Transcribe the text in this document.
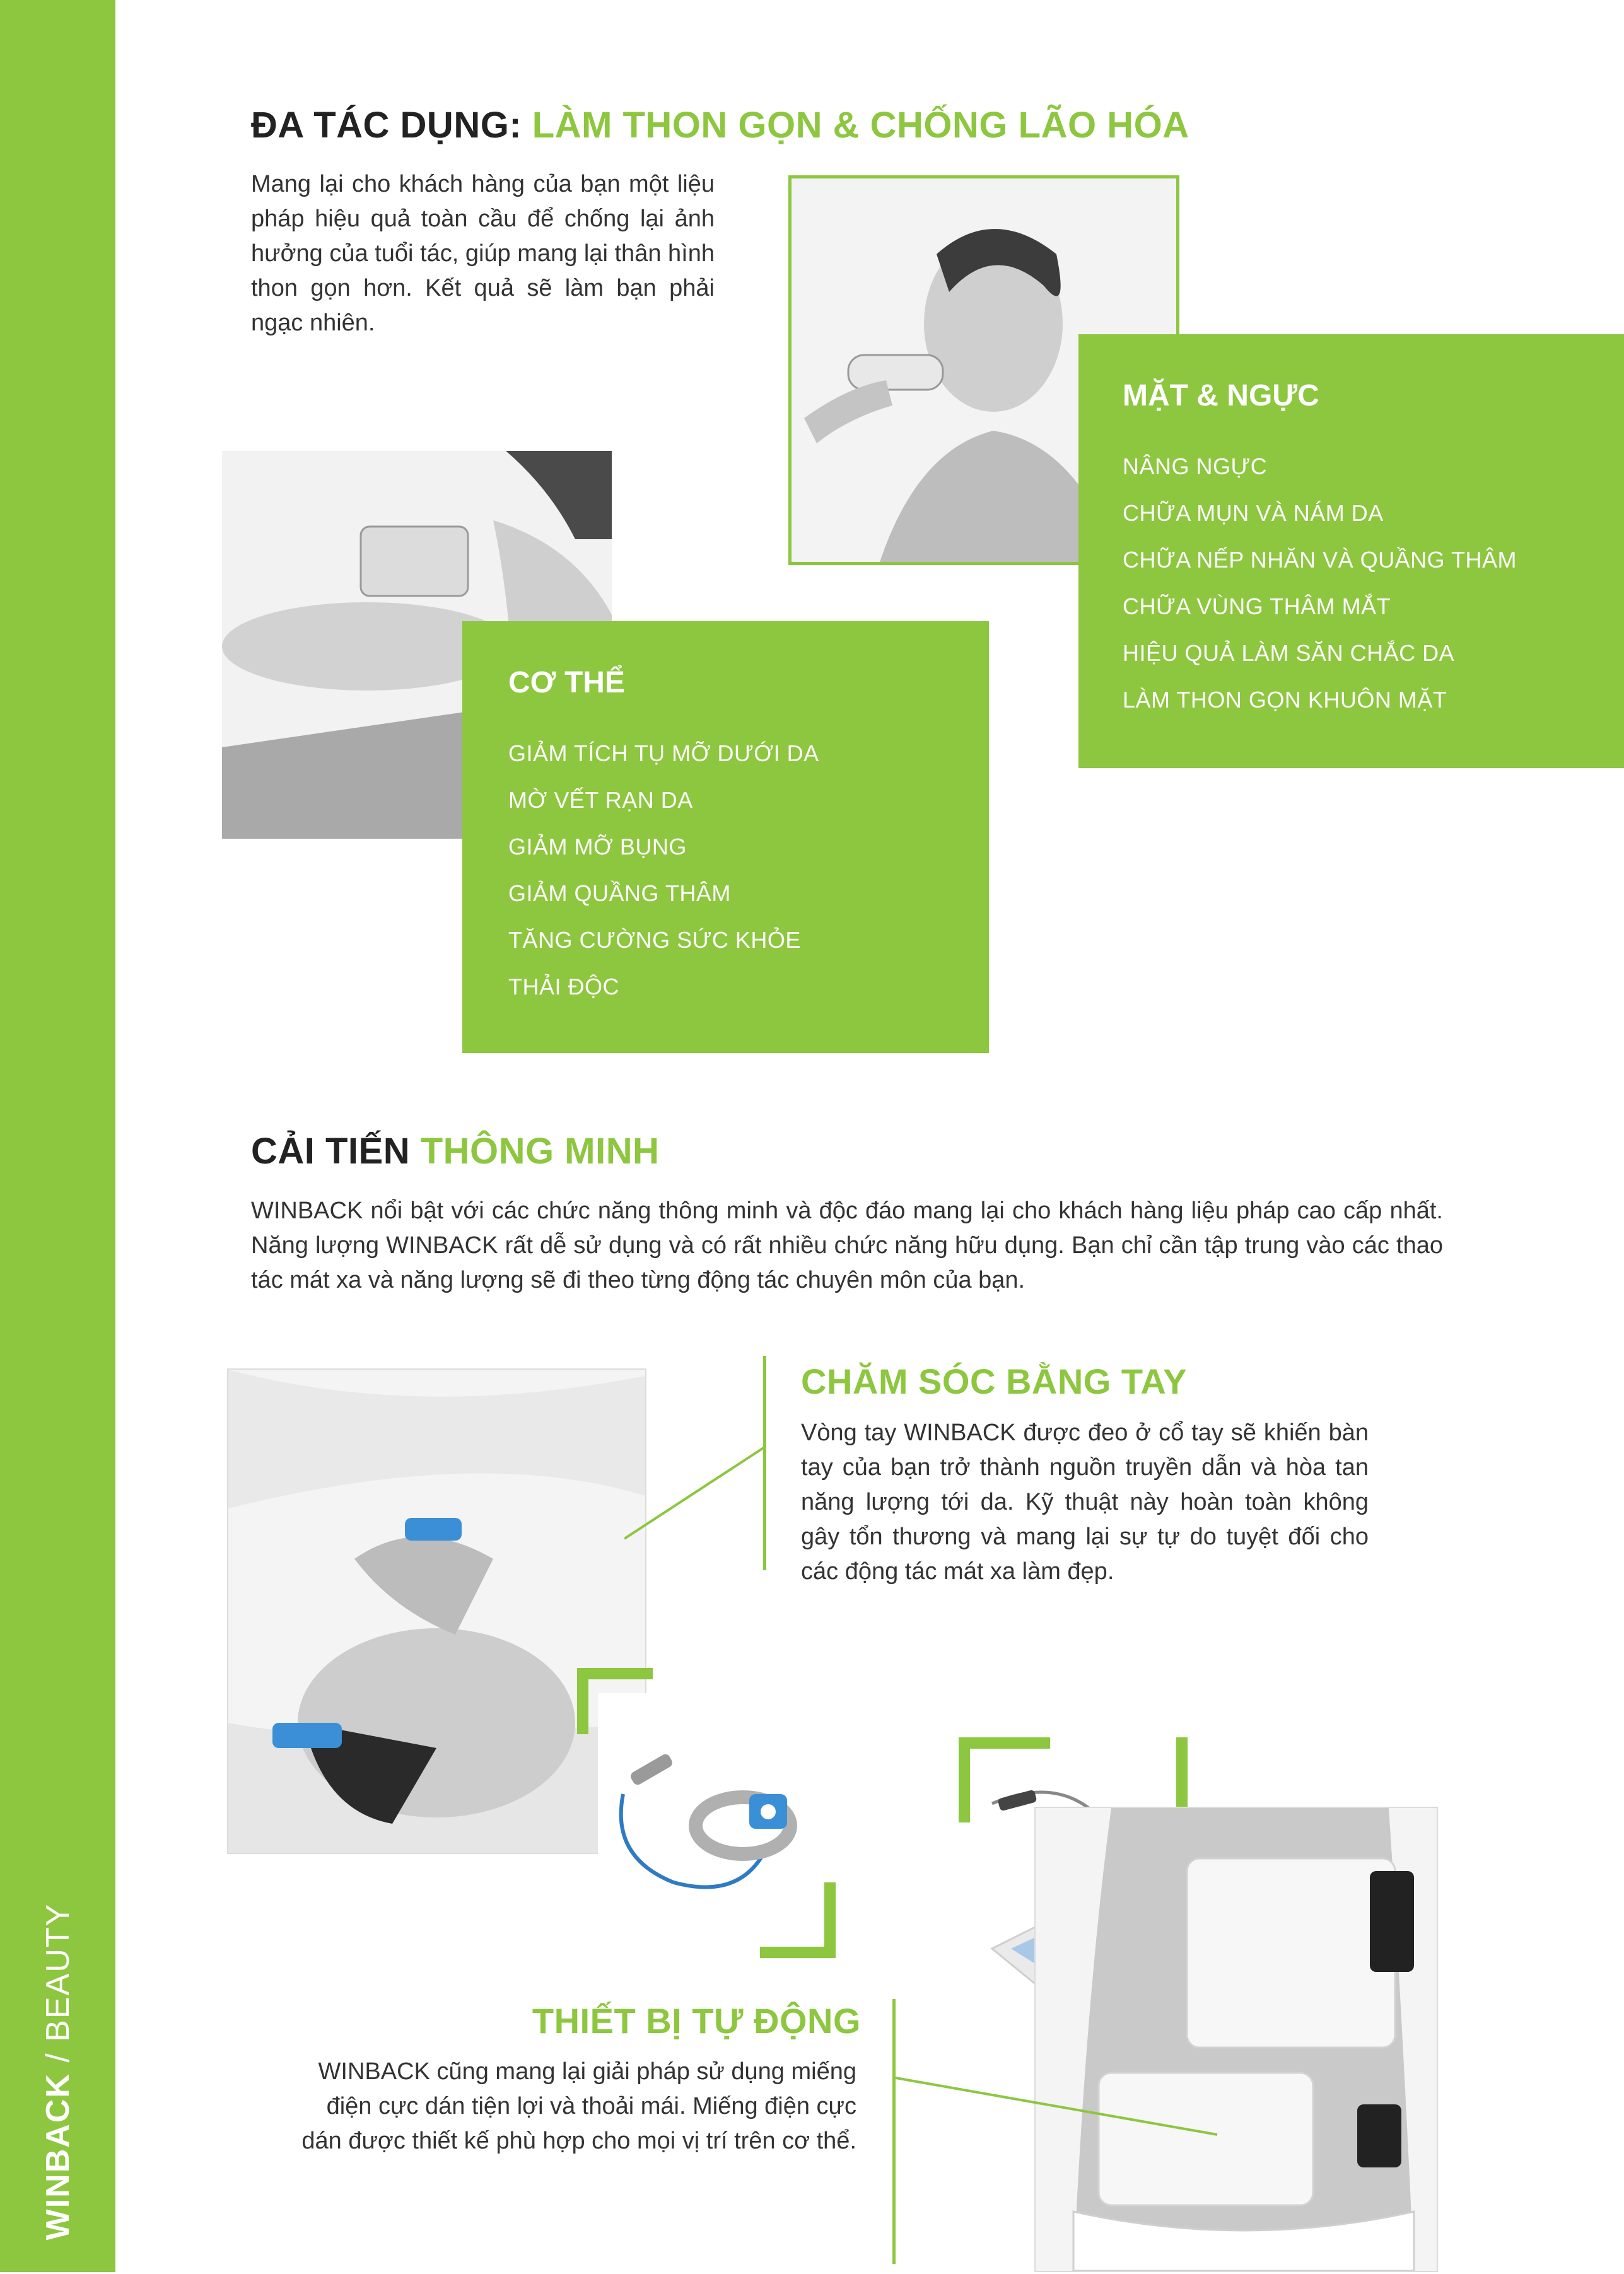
WINBACK / BEAUTY
ĐA TÁC DỤNG: LÀM THON GỌN & CHỐNG LÃO HÓA
Mang lại cho khách hàng của bạn một liệu pháp hiệu quả toàn cầu để chống lại ảnh hưởng của tuổi tác, giúp mang lại thân hình thon gọn hơn. Kết quả sẽ làm bạn phải ngạc nhiên.
MẶT & NGỰC
NÂNG NGỰC
CHỮA MỤN VÀ NÁM DA
CHỮA NẾP NHĂN VÀ QUẦNG THÂM
CHỮA VÙNG THÂM MẮT
HIỆU QUẢ LÀM SĂN CHẮC DA
LÀM THON GỌN KHUÔN MẶT
CƠ THỂ
GIẢM TÍCH TỤ MỠ DƯỚI DA
MỜ VẾT RẠN DA
GIẢM MỠ BỤNG
GIẢM QUẦNG THÂM
TĂNG CƯỜNG SỨC KHỎE
THẢI ĐỘC
CẢI TIẾN THÔNG MINH
WINBACK nổi bật với các chức năng thông minh và độc đáo mang lại cho khách hàng liệu pháp cao cấp nhất. Năng lượng WINBACK rất dễ sử dụng và có rất nhiều chức năng hữu dụng. Bạn chỉ cần tập trung vào các thao tác mát xa và năng lượng sẽ đi theo từng động tác chuyên môn của bạn.
CHĂM SÓC BẰNG TAY
Vòng tay WINBACK được đeo ở cổ tay sẽ khiến bàn tay của bạn trở thành nguồn truyền dẫn và hòa tan năng lượng tới da. Kỹ thuật này hoàn toàn không gây tổn thương và mang lại sự tự do tuyệt đối cho các động tác mát xa làm đẹp.
THIẾT BỊ TỰ ĐỘNG
WINBACK cũng mang lại giải pháp sử dụng miếng điện cực dán tiện lợi và thoải mái. Miếng điện cực dán được thiết kế phù hợp cho mọi vị trí trên cơ thể.
